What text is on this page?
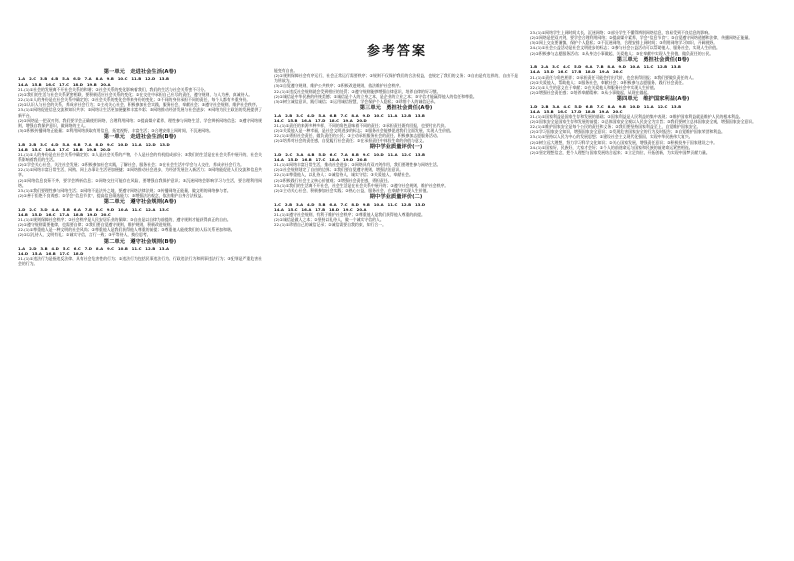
参考答案
第一单元　走进社会生活(A卷)

1.A　2.C　3.B　4.B　5.A　6.D　7.A　8.A　9.B　10.C　11.B　12.D　13.B

14.A　15.B　16.C　17.C　18.D　19.B　20.A

21.(1)①社会的发展离不开社会关系的和谐；②社会关系的变化影响着我们，我们的生活与社会关系密不可分。

(2)①我们的生活与社会关系紧密相联，要积极适应社会关系的变化；②在交往中承担自己应尽的责任，遵守规则，与人为善，真诚待人。

22.(1)①人的身份是在社会关系中确定的；②社会关系的变化会带来身份的变化；③不同的身份承担不同的责任，每个人都有多重身份。

(2)①认识人与社会的关系，养成亲社会行为；②主动关心社会，积极参加社会实践，服务社会，奉献社会；③遵守社会规则，维护社会秩序。

23.(1)①网络促进信息交流和知识共享；②网络让生活更加便捷和丰富多彩；③网络推动经济发展与社会进步；④网络为民主政治的发展提供了新平台。

(2)①网络是一把双刃剑，我们要学会正确使用网络，合理利用网络；②提高媒介素养，理性参与网络生活，学会辨析网络信息；③遵守网络规则，增强自我保护意识，做网络的主人。

(3)①积极传播网络正能量；②利用网络获取有用信息，拓宽视野，丰富生活；③合理安排上网时间，不沉迷网络。

第一单元　走进社会生活(B卷)

1.B　2.B　3.C　4.D　5.A　6.B　7.A　8.D　9.C　10.D　11.A　12.D　13.D

14.B　15.C　16.A　17.C　18.B　19.B　20.D

21.(1)①人的身份是在社会关系中确定的；②人是社会关系的产物，个人是社会的有机组成部分；③我们的生活是在社会关系中展开的，社会关系影响着我们的生活。

(2)①学会关心社会，关注社会发展；②积极参加社会实践，了解社会，服务社会；③在社会生活中学会与人交往，养成亲社会行为。

22.(1)①网络丰富日常生活，网购、网上办事让生活更加便捷；②网络推动社会进步，为经济发展注入新活力；③网络能促进人们交流和信息共享。

(2)①网络信息良莠不齐，要学会辨析信息；②网络交往可能存在风险，要增强自我保护意识；③沉迷网络会影响学习与生活，要合理利用网络。

23.(1)①我们要理性参与网络生活；②网络不是法外之地，要遵守网络法律法规；③传播网络正能量，做文明的网络参与者。

(2)①善于拒绝不良诱惑；②学会“信息节食”，提高信息筛选能力；③增强法治观念，依法维护自身合法权益。

第二单元　遵守社会规则(A卷)

1.D　2.C　3.D　4.A　5.B　6.A　7.B　8.C　9.D　10.A　11.C　12.A　13.C

14.B　15.D　16.C　17.A　18.B　19.D　20.C

21.(1)①规则保障社会秩序；②社会秩序是人民安居乐业的保障；③自由是以自律为前提的，遵守规则才能获得真正的自由。

(2)①遵守规则需要他律，也需要自律；②我们要自觉遵守规则，维护规则，积极改进规则。

22.(1)①尊重他人是一种文明的社会风尚；②尊重他人是我们获得他人尊重的前提；③尊重他人能使我们的人际关系更加和谐。

(2)①以礼待人，文明有礼；②诚实守信，言行一致；③平等待人，换位思考。

第二单元　遵守社会规则(B卷)

1.A　2.D　3.B　4.D　5.C　6.C　7.D　8.A　9.C　10.B　11.C　12.B　13.A

14.D　15.A　16.B　17.C　18.D

21.(1)①违法行为是指违反法律、具有社会危害性的行为；②违法行为包括民事违法行为、行政违法行为和刑事违法行为；③犯罪是严重危害社会的行为。

能变有自由。

(2)①规则保障社会有序运行，社会正常运行需要秩序；②规则不仅保护我们的合法权益，也规定了我们的义务；③自由是有边界的，自由不是为所欲为。

(3)①自觉遵守规则，维护公共秩序；②积极改进规则，依法维护社会秩序。

22.(1)①违反社会规则就会受到相应的处罚；②遵守规则能够增强自律意识，培养自律的好习惯。

(2)①诚信是中华民族的传统美德；②诚信是个人的立身之本，是企业的立业之本；③守信才能赢得他人的信任和尊重。

(3)①树立诚信意识，践行诚信；②运用诚信智慧，学会保护个人隐私；③珍惜个人的诚信记录。

第三单元　勇担社会责任(A卷)

1.A　2.B　3.C　4.D　5.A　6.B　7.C　8.A　9.D　10.C　11.A　12.B　13.B

14.C　15.B　16.A　17.D　18.C　19.A　20.D

21.(1)①责任的来源多种多样，不同的角色意味着不同的责任；②承担责任既有回报，也要付出代价。

(2)①关爱他人是一种幸福，是社会文明进步的标志；②服务社会能够促进我们全面发展，实现人生价值。

22.(1)①勇担社会责任，做负责任的公民；②主动承担服务社会的责任，积极参加志愿服务活动。

(2)①培养对社会的责任感，自觉履行社会责任；②在承担责任中体验生命的价值与意义。

期中学业质量评价(一)

1.D　2.C　3.A　4.B　5.D　6.C　7.A　8.B　9.C　10.D　11.A　12.C　13.B

14.A　15.D　16.B　17.C　18.A　19.D　20.B

21.(1)①网络丰富日常生活，推动社会进步；②网络具有双刃剑作用，我们要理性参与网络生活。

(2)①社会规则划定了自由的边界；②我们要自觉遵守规则，增强法治意识。

22.(1)①尊重他人，以礼待人；②诚信待人，诚实守信；③关爱他人，奉献社会。

(2)①积极践行社会主义核心价值观；②增强社会责任感，勇担责任。

23.(1)①我们的生活离不开社会，社会生活是在社会关系中展开的；②遵守社会规则，维护社会秩序。

(2)①主动关心社会，积极参加社会实践；②热心公益，服务社会，在奉献中实现人生价值。

期中学业质量评价(二)

1.C　2.B　3.A　4.D　5.B　6.A　7.C　8.D　9.B　10.A　11.C　12.B　13.D

14.A　15.C　16.A　17.B　18.D　19.C　20.A

21.(1)①遵守社会规则，有利于维护社会秩序；②尊重他人是我们获得他人尊重的前提。

(2)①诚信是做人之本；②坚持以礼待人，做一个诚实守信的人。

22.(1)①珍惜自己的诚信记录；②诚信需要自我约束，知行合一。

23.(1)①网络学生上网时间太长，沉迷网络；②部分学生不懂得辨别网络信息，容易受到不良信息的影响。

(2)①网络是把双刃剑，要学会合理利用网络；②提高媒介素养，学会“信息节食”；③自觉遵守网络道德和法律，传播网络正能量。

(3)①网上交友要谨慎，保护个人隐私；②不沉迷网络，合理安排上网时间；③利用网络学习知识，开阔视野。

24.(1)①社会公益活动是社会文明进步的标志；②参与社会公益活动可以帮助他人、服务社会，实现人生价值。

(2)①积极参与志愿服务活动；②从身边小事做起，关爱他人；③在奉献中实现人生价值，做负责任的公民。

第三单元　勇担社会责任(B卷)

1.B　2.A　3.C　4.C　5.D　6.A　7.B　8.A　9.D　10.A　11.C　12.B　13.B

14.A　15.D　16.C　17.B　18.D　19.A　20.C

21.(1)①责任与角色相伴；②承担责任可能会付出代价，也会获得回报；③我们要做负责任的人。

(2)①关爱他人，帮助他人；②服务社会，奉献社会；③积极参与志愿服务，践行社会责任。

22.(1)①人生的意义在于奉献；②在关爱他人和服务社会中实现人生价值。

(2)①增强社会责任感；②培养奉献精神；③从小事做起，从现在做起。

第四单元　维护国家利益(A卷)

1.D　2.B　3.A　4.C　5.D　6.B　7.C　8.A　9.B　10.D　11.A　12.C　13.B

14.A　15.B　16.C　17.D　18.B　19.A　20.C

21.(1)①国家利益是国家生存和发展的基础；②国家利益是人民利益的集中表现；③维护国家利益就是维护人民的根本利益。

(2)①国家安全是国家生存和发展的前提；②总体国家安全观以人民安全为宗旨；③我们要树立总体国家安全观，增强国家安全意识。

22.(1)①维护国家安全是每个公民的责任和义务；②我们要坚持国家利益至上，自觉维护国家安全。

(2)①学习国家安全知识，增强国家安全意识；②发现危害国家安全的行为及时报告；③自觉维护国家荣誉和利益。

23.(1)①坚持以人民为中心的发展思想；②建设社会主义现代化强国，实现中华民族伟大复兴。

(2)①树立远大理想，努力学习科学文化知识；②关心国家发展，增强责任意识；③积极投身于国家建设之中。

24.(1)①国家好，民族好，大家才会好；②个人的前途命运与国家和民族的前途命运紧密相连。

(2)①坚定理想信念，把个人理想与国家发展结合起来；②立足岗位，开拓创新，为实现中国梦贡献力量。
